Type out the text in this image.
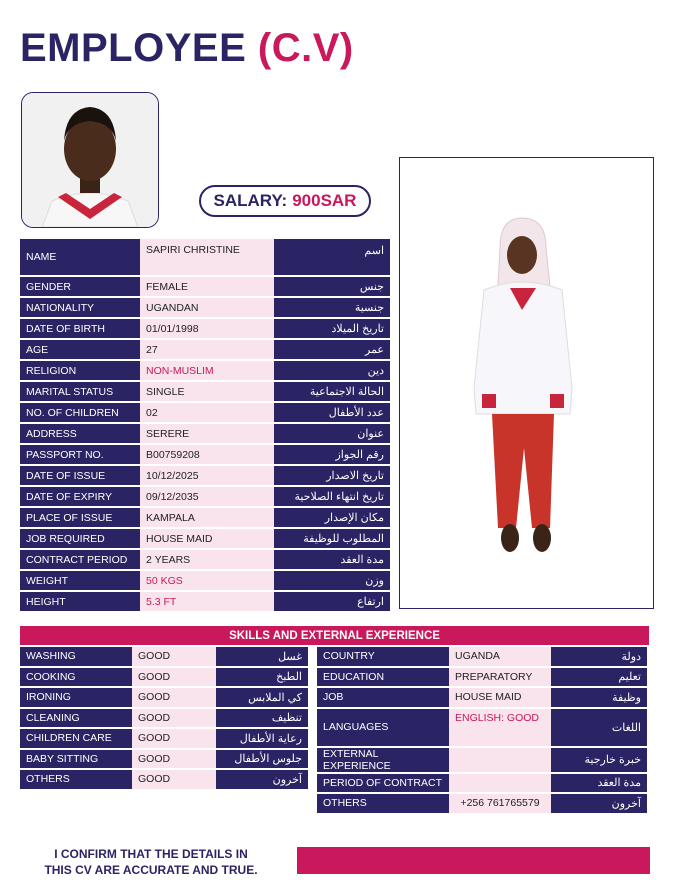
EMPLOYEE (C.V)
SALARY: 900SAR
NAME	SAPIRI CHRISTINE	اسم
GENDER	FEMALE	جنس
NATIONALITY	UGANDAN	جنسية
DATE OF BIRTH	01/01/1998	تاريخ الميلاد
AGE	27	عمر
RELIGION	NON-MUSLIM	دين
MARITAL STATUS	SINGLE	الحالة الاجتماعية
NO. OF CHILDREN	02	عدد الأطفال
ADDRESS	SERERE	عنوان
PASSPORT NO.	B00759208	رقم الجواز
DATE OF ISSUE	10/12/2025	تاريخ الاصدار
DATE OF EXPIRY	09/12/2035	تاريخ انتهاء الصلاحية
PLACE OF ISSUE	KAMPALA	مكان الإصدار
JOB REQUIRED	HOUSE MAID	المطلوب للوظيفة
CONTRACT PERIOD	2 YEARS	مدة العقد
WEIGHT	50 KGS	وزن
HEIGHT	5.3 FT	ارتفاع
SKILLS AND EXTERNAL EXPERIENCE
WASHING	GOOD	غسل
COOKING	GOOD	الطبخ
IRONING	GOOD	كي الملابس
CLEANING	GOOD	تنظيف
CHILDREN CARE	GOOD	رعاية الأطفال
BABY SITTING	GOOD	جلوس الأطفال
OTHERS	GOOD	آخرون
COUNTRY	UGANDA	دولة
EDUCATION	PREPARATORY	تعليم
JOB	HOUSE MAID	وظيفة
LANGUAGES	ENGLISH: GOOD	اللغات
EXTERNAL EXPERIENCE		خبرة خارجية
PERIOD OF CONTRACT		مدة العقد
OTHERS	+256 761765579	آخرون
I CONFIRM THAT THE DETAILS IN
THIS CV ARE ACCURATE AND TRUE.
